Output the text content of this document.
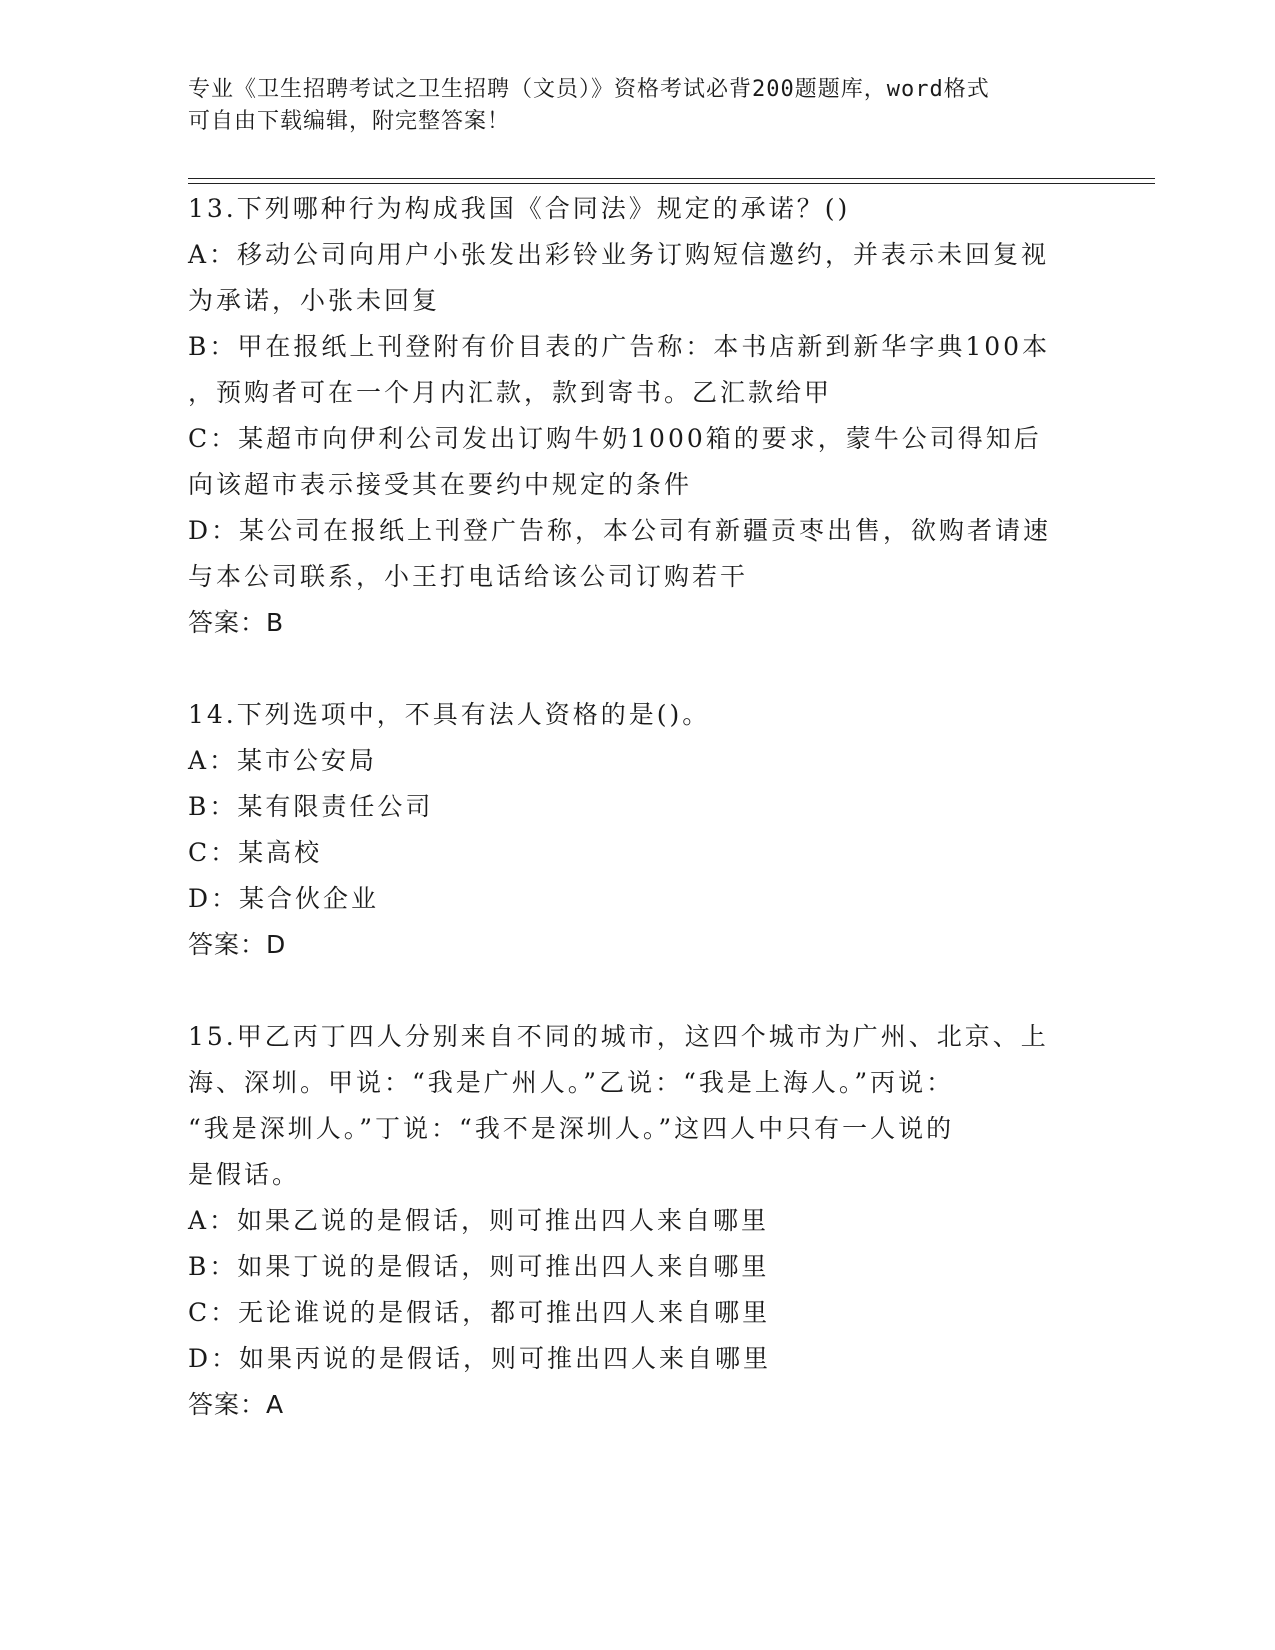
专业《卫生招聘考试之卫生招聘（文员）》资格考试必背200题题库，word格式
可自由下载编辑，附完整答案！

13.下列哪种行为构成我国《合同法》规定的承诺？()

A：移动公司向用户小张发出彩铃业务订购短信邀约，并表示未回复视

为承诺，小张未回复

B：甲在报纸上刊登附有价目表的广告称：本书店新到新华字典100本

，预购者可在一个月内汇款，款到寄书。乙汇款给甲

C：某超市向伊利公司发出订购牛奶1000箱的要求，蒙牛公司得知后

向该超市表示接受其在要约中规定的条件

D：某公司在报纸上刊登广告称，本公司有新疆贡枣出售，欲购者请速

与本公司联系，小王打电话给该公司订购若干

答案：B

14.下列选项中，不具有法人资格的是()。

A：某市公安局

B：某有限责任公司

C：某高校

D：某合伙企业

答案：D

15.甲乙丙丁四人分别来自不同的城市，这四个城市为广州、北京、上

海、深圳。甲说：“我是广州人。”乙说：“我是上海人。”丙说：

“我是深圳人。”丁说：“我不是深圳人。”这四人中只有一人说的

是假话。

A：如果乙说的是假话，则可推出四人来自哪里

B：如果丁说的是假话，则可推出四人来自哪里

C：无论谁说的是假话，都可推出四人来自哪里

D：如果丙说的是假话，则可推出四人来自哪里

答案：A
